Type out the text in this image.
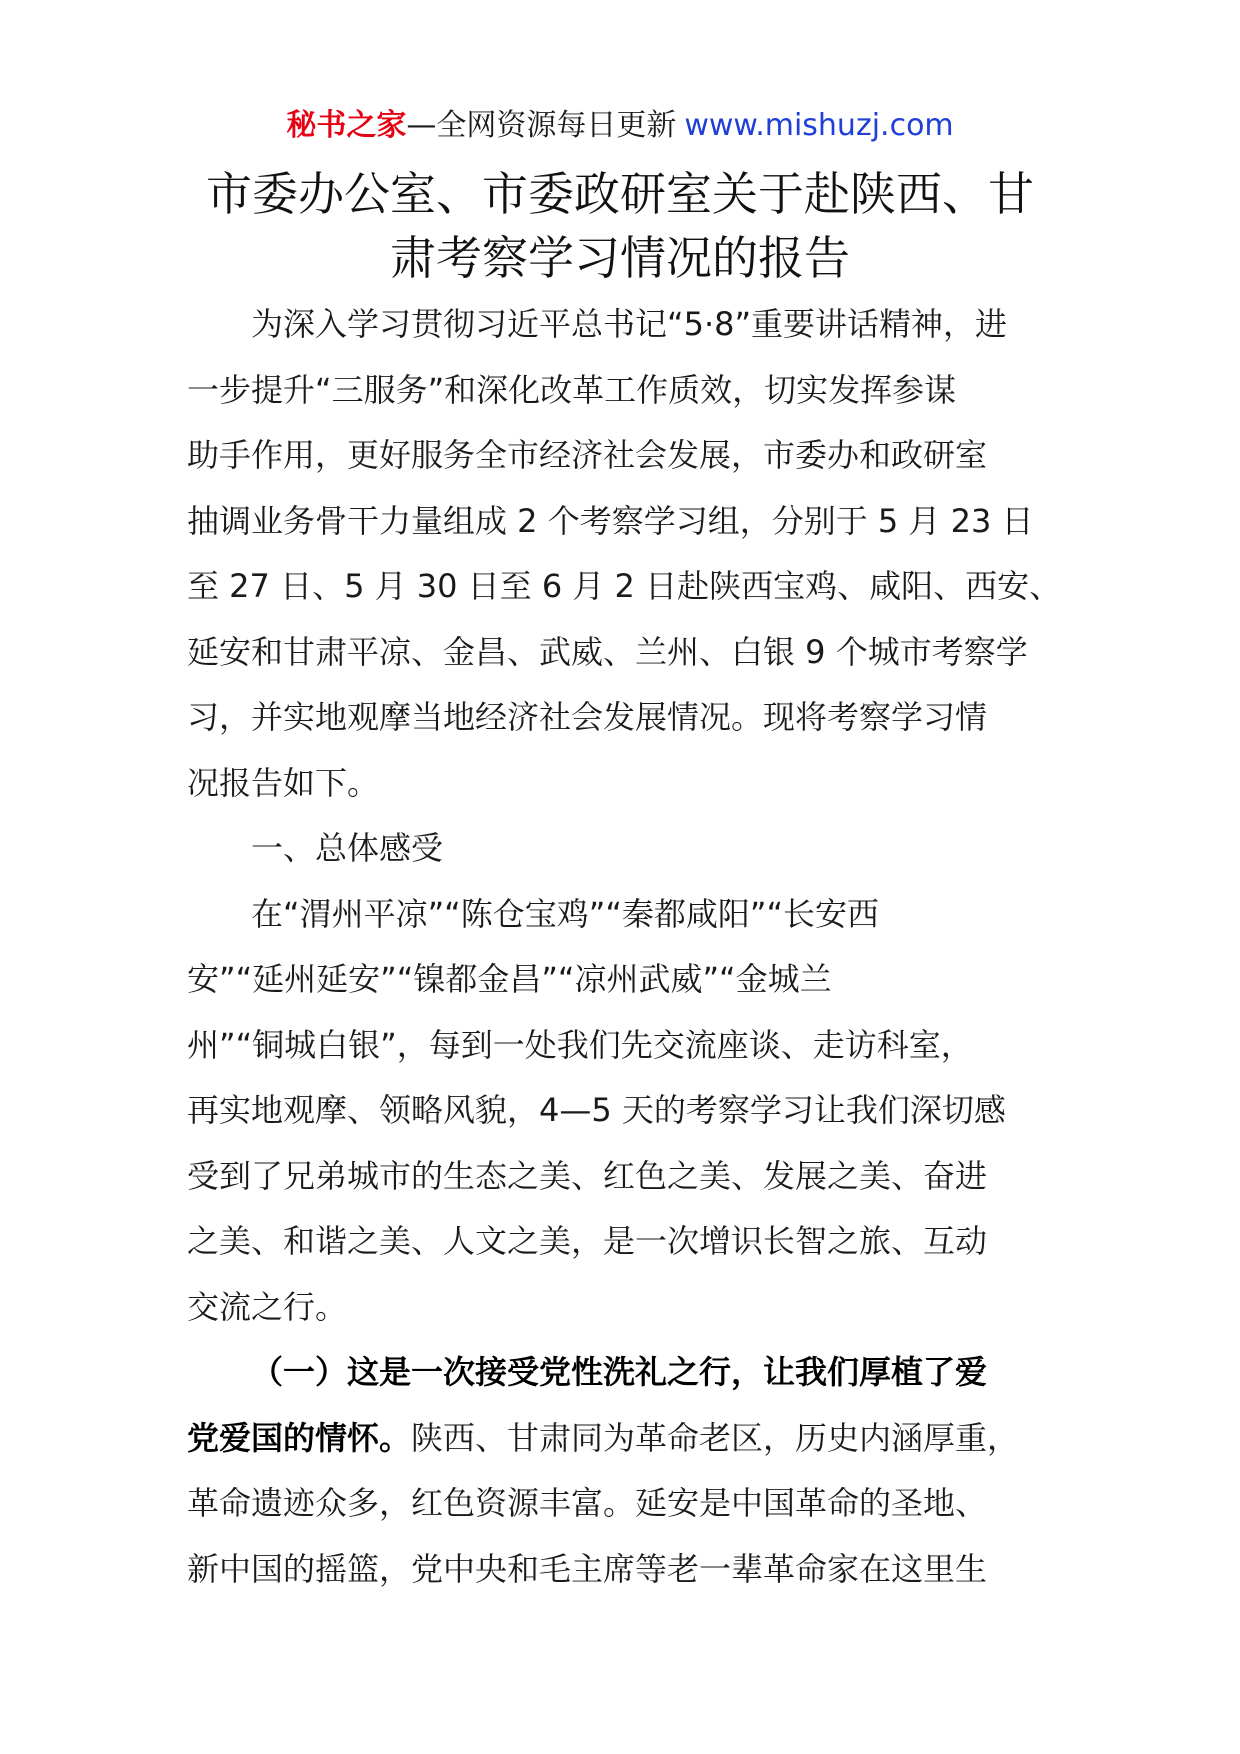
秘书之家—全网资源每日更新 www.mishuzj.com
市委办公室、市委政研室关于赴陕西、甘
肃考察学习情况的报告
为深入学习贯彻习近平总书记“5·8”重要讲话精神，进
一步提升“三服务”和深化改革工作质效，切实发挥参谋
助手作用，更好服务全市经济社会发展，市委办和政研室
抽调业务骨干力量组成 2 个考察学习组，分别于 5 月 23 日
至 27 日、5 月 30 日至 6 月 2 日赴陕西宝鸡、咸阳、西安、
延安和甘肃平凉、金昌、武威、兰州、白银 9 个城市考察学
习，并实地观摩当地经济社会发展情况。现将考察学习情
况报告如下。
一、总体感受
在“渭州平凉”“陈仓宝鸡”“秦都咸阳”“长安西
安”“延州延安”“镍都金昌”“凉州武威”“金城兰
州”“铜城白银”，每到一处我们先交流座谈、走访科室，
再实地观摩、领略风貌，4—5 天的考察学习让我们深切感
受到了兄弟城市的生态之美、红色之美、发展之美、奋进
之美、和谐之美、人文之美，是一次增识长智之旅、互动
交流之行。
（一）这是一次接受党性洗礼之行，让我们厚植了爱
党爱国的情怀。陕西、甘肃同为革命老区，历史内涵厚重，
革命遗迹众多，红色资源丰富。延安是中国革命的圣地、
新中国的摇篮，党中央和毛主席等老一辈革命家在这里生
